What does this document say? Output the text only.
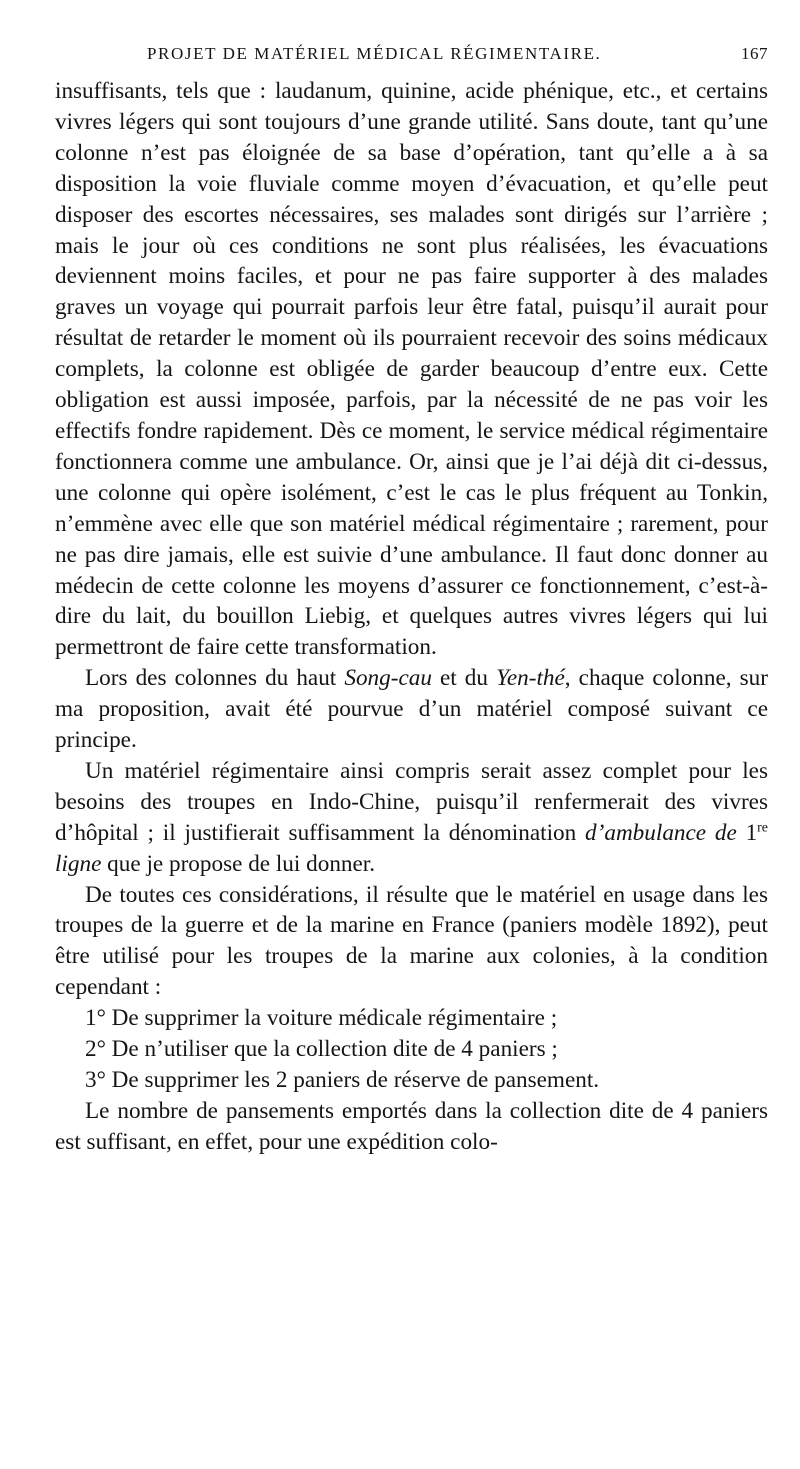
PROJET DE MATÉRIEL MÉDICAL RÉGIMENTAIRE.	167

insuffisants, tels que : laudanum, quinine, acide phénique, etc., et certains vivres légers qui sont toujours d’une grande utilité. Sans doute, tant qu’une colonne n’est pas éloignée de sa base d’opération, tant qu’elle a à sa disposition la voie fluviale comme moyen d’évacuation, et qu’elle peut disposer des escortes nécessaires, ses malades sont dirigés sur l’arrière ; mais le jour où ces conditions ne sont plus réalisées, les évacuations deviennent moins faciles, et pour ne pas faire supporter à des malades graves un voyage qui pourrait parfois leur être fatal, puisqu’il aurait pour résultat de retarder le moment où ils pourraient recevoir des soins médicaux complets, la colonne est obligée de garder beaucoup d’entre eux. Cette obligation est aussi imposée, parfois, par la nécessité de ne pas voir les effectifs fondre rapidement. Dès ce moment, le service médical régimentaire fonctionnera comme une ambulance. Or, ainsi que je l’ai déjà dit ci-dessus, une colonne qui opère isolément, c’est le cas le plus fréquent au Tonkin, n’emmène avec elle que son matériel médical régimentaire ; rarement, pour ne pas dire jamais, elle est suivie d’une ambulance. Il faut donc donner au médecin de cette colonne les moyens d’assurer ce fonctionnement, c’est-à-dire du lait, du bouillon Liebig, et quelques autres vivres légers qui lui permettront de faire cette transformation.

Lors des colonnes du haut Song-cau et du Yen-thé, chaque colonne, sur ma proposition, avait été pourvue d’un matériel composé suivant ce principe.

Un matériel régimentaire ainsi compris serait assez complet pour les besoins des troupes en Indo-Chine, puisqu’il renfermerait des vivres d’hôpital ; il justifierait suffisamment la dénomination d’ambulance de 1re ligne que je propose de lui donner.

De toutes ces considérations, il résulte que le matériel en usage dans les troupes de la guerre et de la marine en France (paniers modèle 1892), peut être utilisé pour les troupes de la marine aux colonies, à la condition cependant :

1° De supprimer la voiture médicale régimentaire ;

2° De n’utiliser que la collection dite de 4 paniers ;

3° De supprimer les 2 paniers de réserve de pansement.

Le nombre de pansements emportés dans la collection dite de 4 paniers est suffisant, en effet, pour une expédition colo-
